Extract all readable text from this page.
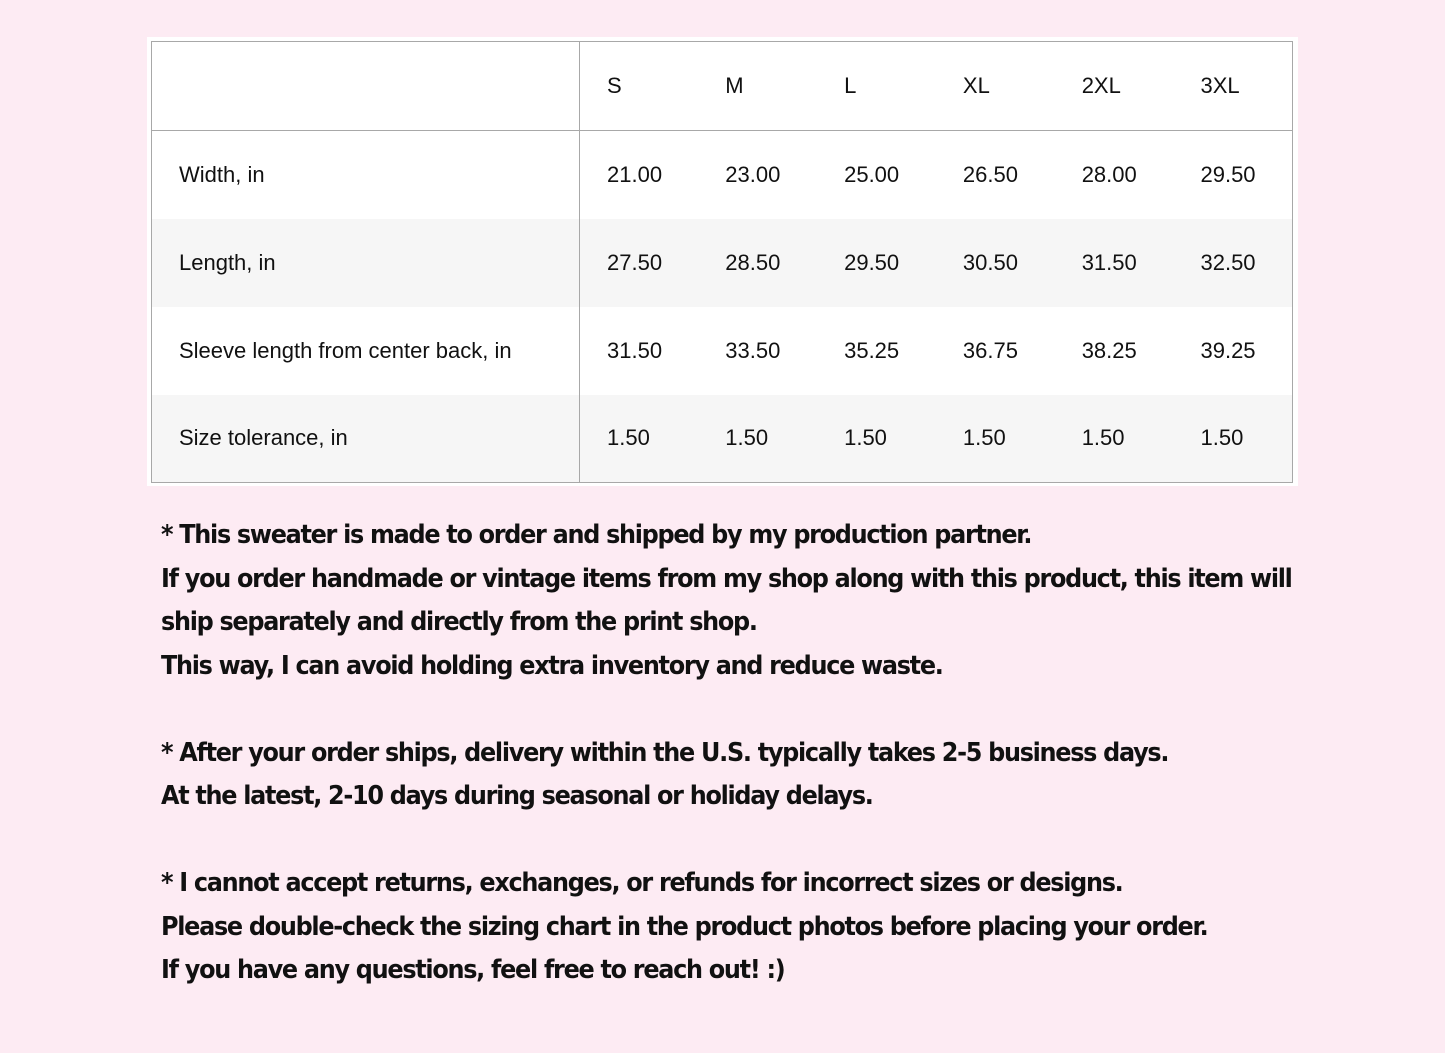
	S	M	L	XL	2XL	3XL
Width, in	21.00	23.00	25.00	26.50	28.00	29.50
Length, in	27.50	28.50	29.50	30.50	31.50	32.50
Sleeve length from center back, in	31.50	33.50	35.25	36.75	38.25	39.25
Size tolerance, in	1.50	1.50	1.50	1.50	1.50	1.50

* This sweater is made to order and shipped by my production partner.

If you order handmade or vintage items from my shop along with this product, this item will

ship separately and directly from the print shop.

This way, I can avoid holding extra inventory and reduce waste.

* After your order ships, delivery within the U.S. typically takes 2-5 business days.

At the latest, 2-10 days during seasonal or holiday delays.

* I cannot accept returns, exchanges, or refunds for incorrect sizes or designs.

Please double-check the sizing chart in the product photos before placing your order.

If you have any questions, feel free to reach out! :)
